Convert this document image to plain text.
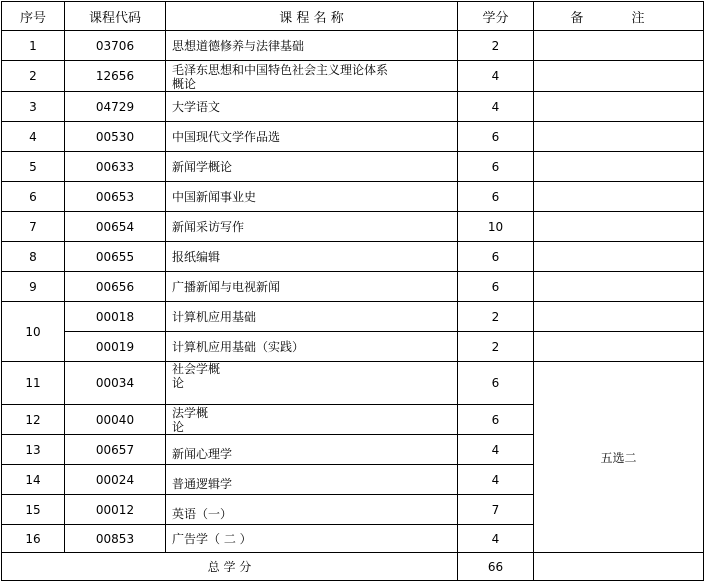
序号	课程代码	课 程 名 称	学分	备 注
1	03706	思想道德修养与法律基础	2	
2	12656	毛泽东思想和中国特色社会主义理论体系概论	4	
3	04729	大学语文	4	
4	00530	中国现代文学作品选	6	
5	00633	新闻学概论	6	
6	00653	中国新闻事业史	6	
7	00654	新闻采访写作	10	
8	00655	报纸编辑	6	
9	00656	广播新闻与电视新闻	6	
10	00018	计算机应用基础	2	
	00019	计算机应用基础（实践）	2	
11	00034	社会学概论	6	五选二
12	00040	法学概论	6	
13	00657	新闻心理学	4	
14	00024	普通逻辑学	4	
15	00012	英语（一）	7	
16	00853	广告学（ 二 ）	4	
总 学 分			66	
